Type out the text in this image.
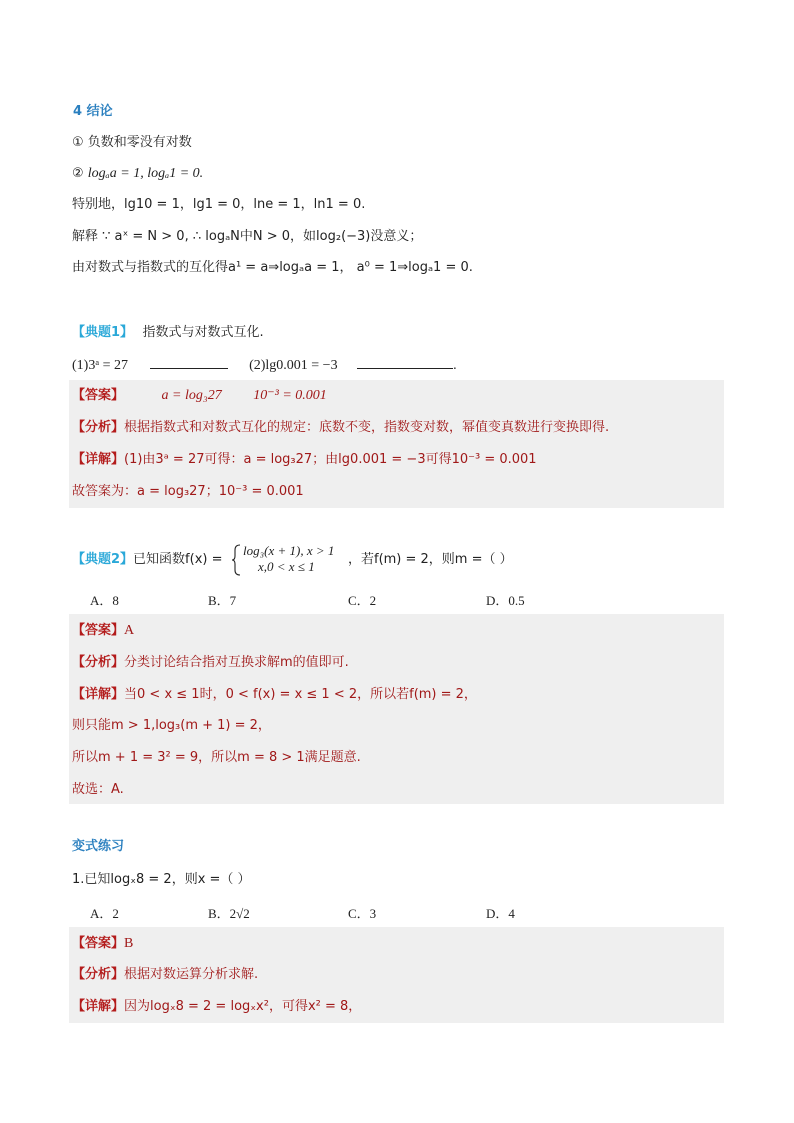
4 结论
① 负数和零没有对数
② logₐa = 1, logₐ1 = 0.
特别地，lg10 = 1，lg1 = 0，lne = 1，ln1 = 0.
解释 ∵ aˣ = N > 0, ∴ logₐN中N > 0，如log₂(−3)没意义；
由对数式与指数式的互化得a¹ = a⇒logₐa = 1， a⁰ = 1⇒logₐ1 = 0.
【典题1】 指数式与对数式互化.
(1)3ᵃ = 27	(2)lg0.001 = −3	.
【答案】	a = log₃27 10⁻³ = 0.001
【分析】根据指数式和对数式互化的规定：底数不变，指数变对数，幂值变真数进行变换即得.
【详解】(1)由3ᵃ = 27可得：a = log₃27；由lg0.001 = −3可得10⁻³ = 0.001
故答案为：a = log₃27；10⁻³ = 0.001
【典题2】已知函数f(x) =
log₃(x + 1), x > 1
x,0 < x ≤ 1	，若f(m) = 2，则m =（ ）
A．8	B．7	C．2	D．0.5
【答案】A
【分析】分类讨论结合指对互换求解m的值即可.
【详解】当0 < x ≤ 1时，0 < f(x) = x ≤ 1 < 2，所以若f(m) = 2，
则只能m > 1,log₃(m + 1) = 2，
所以m + 1 = 3² = 9，所以m = 8 > 1满足题意.
故选：A.
变式练习
1.已知logₓ8 = 2，则x =（ ）
A．2	B．2√2	C．3	D．4
【答案】B
【分析】根据对数运算分析求解.
【详解】因为logₓ8 = 2 = logₓx²，可得x² = 8，
